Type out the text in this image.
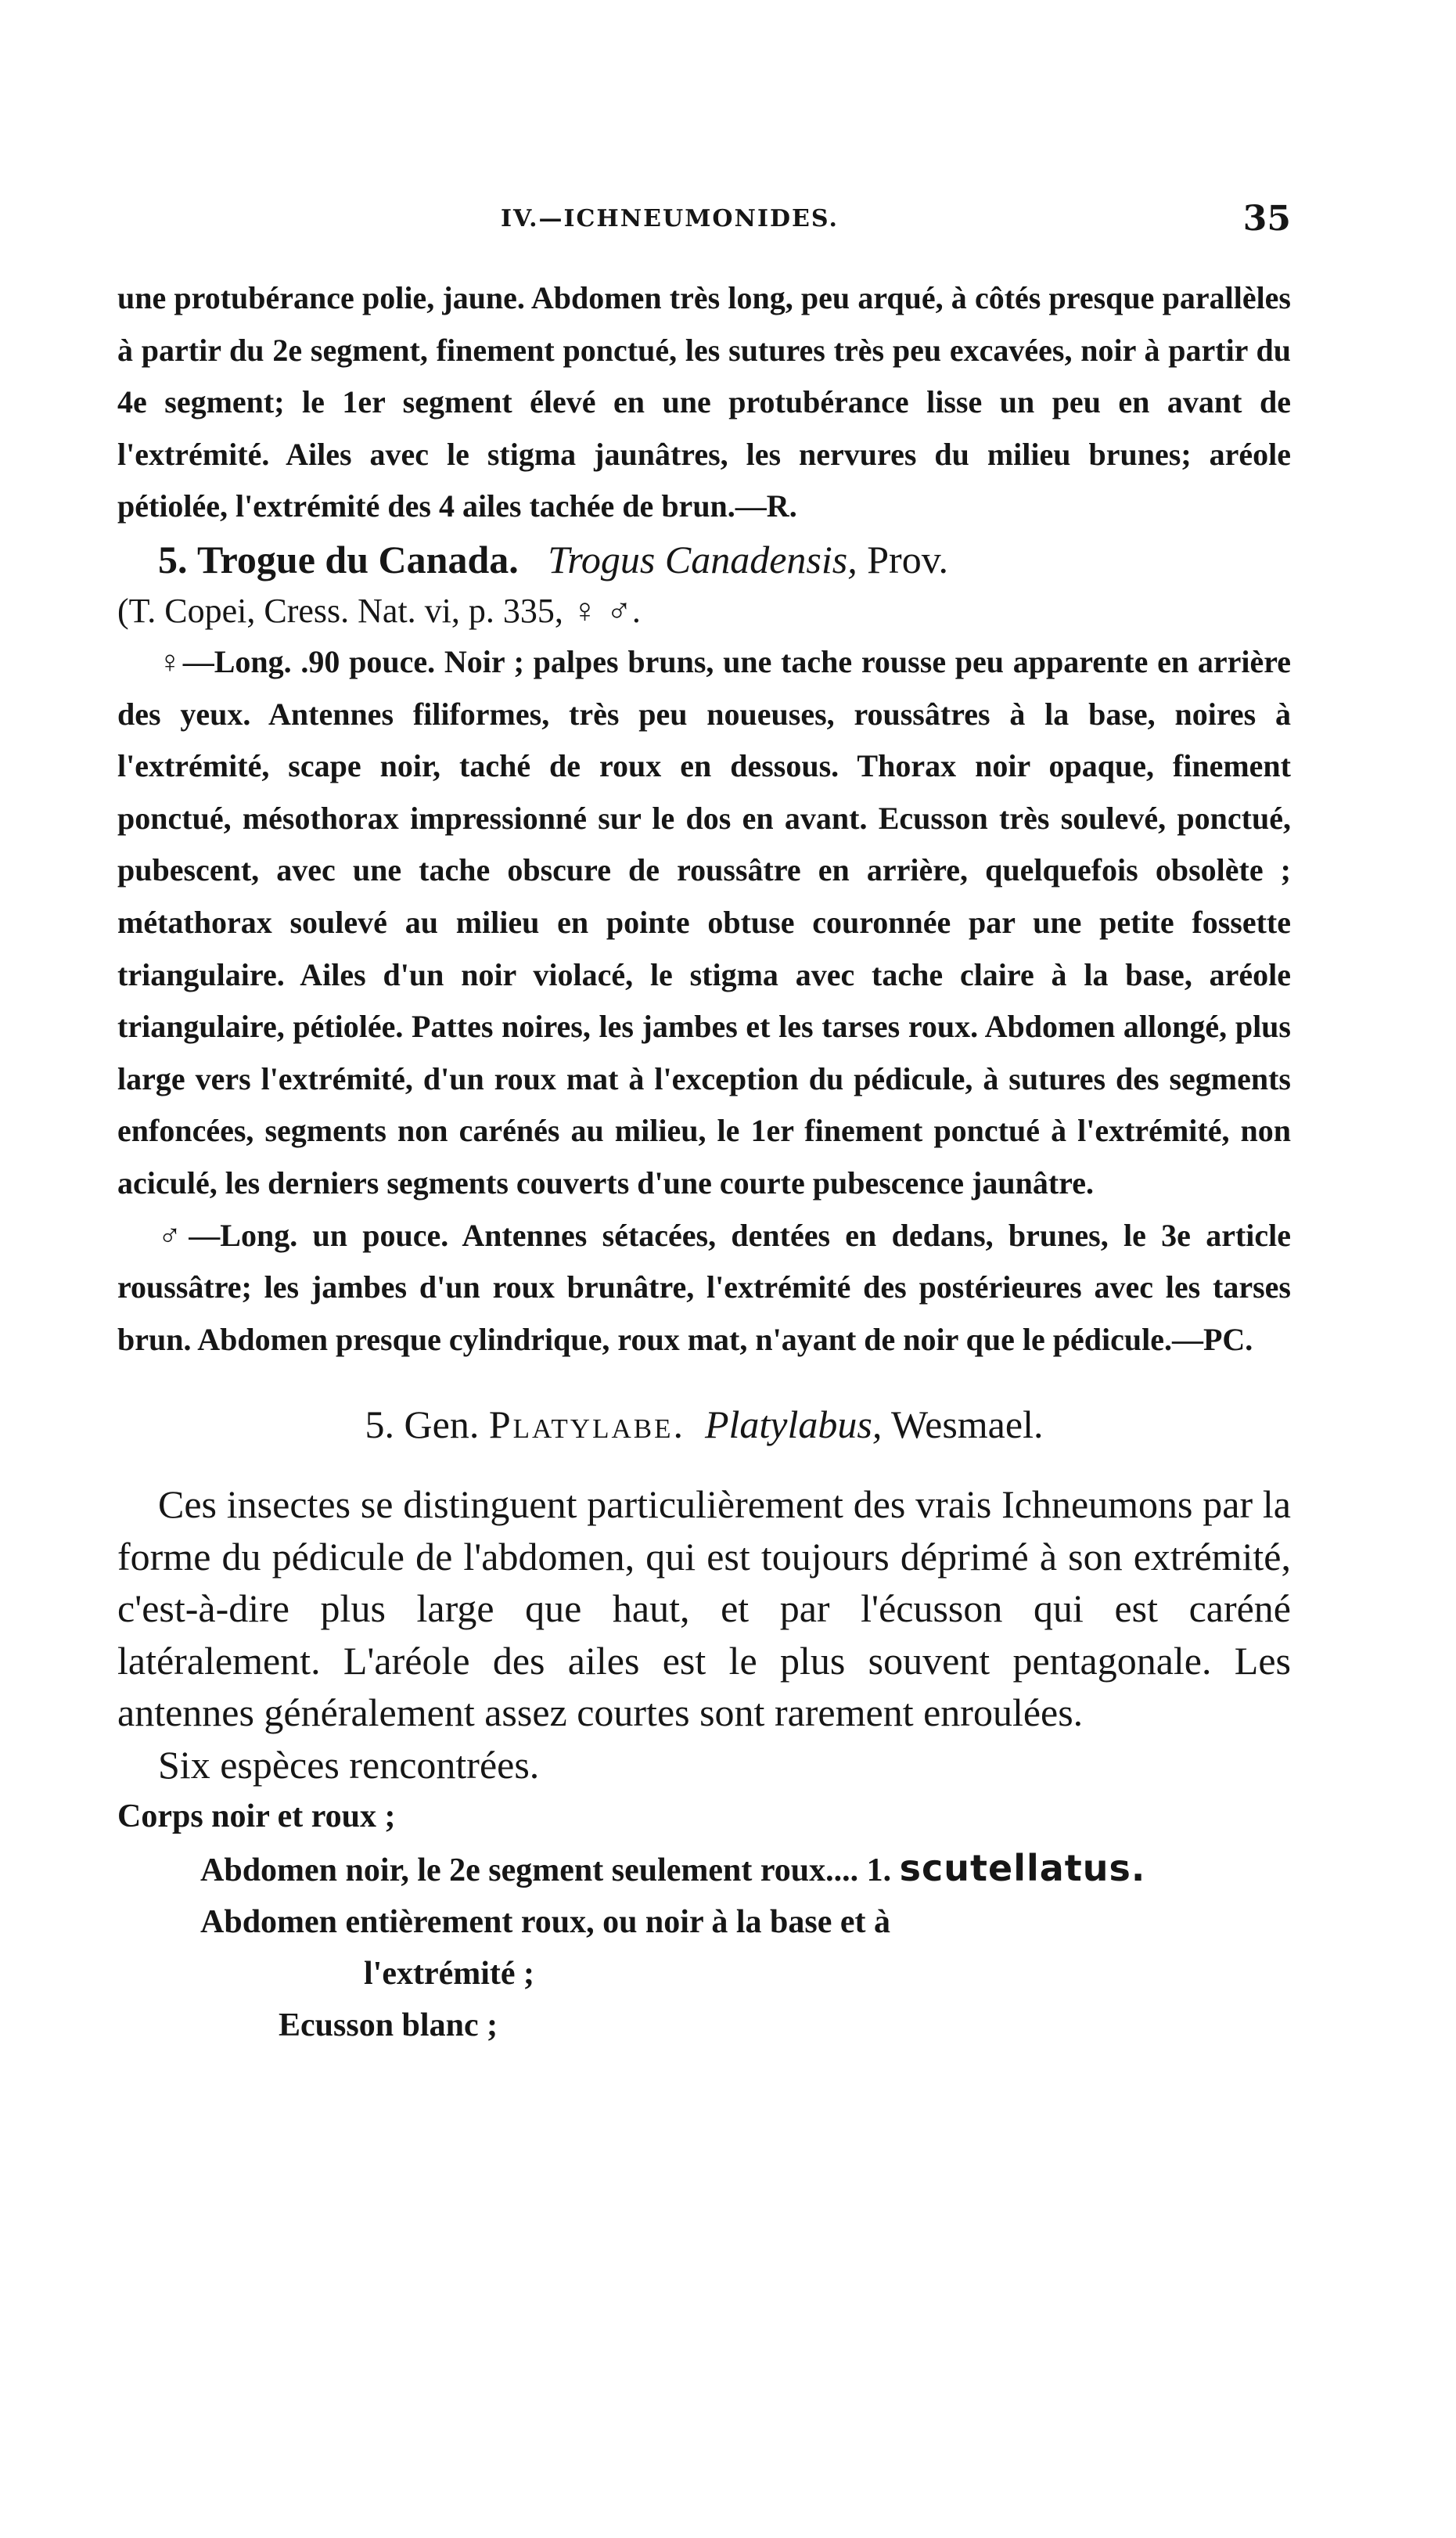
IV.—ICHNEUMONIDES.	35

une protubérance polie, jaune. Abdomen très long, peu arqué, à côtés presque parallèles à partir du 2e segment, finement ponctué, les sutures très peu excavées, noir à partir du 4e segment; le 1er segment élevé en une protubérance lisse un peu en avant de l'extrémité. Ailes avec le stigma jaunâtres, les nervures du milieu brunes; aréole pétiolée, l'extrémité des 4 ailes tachée de brun.—R.

5. Trogue du Canada. Trogus Canadensis, Prov.

(T. Copei, Cress. Nat. vi, p. 335, ♀ ♂.

♀—Long. .90 pouce. Noir ; palpes bruns, une tache rousse peu apparente en arrière des yeux. Antennes filiformes, très peu noueuses, roussâtres à la base, noires à l'extrémité, scape noir, taché de roux en dessous. Thorax noir opaque, finement ponctué, mésothorax impressionné sur le dos en avant. Ecusson très soulevé, ponctué, pubescent, avec une tache obscure de roussâtre en arrière, quelquefois obsolète ; métathorax soulevé au milieu en pointe obtuse couronnée par une petite fossette triangulaire. Ailes d'un noir violacé, le stigma avec tache claire à la base, aréole triangulaire, pétiolée. Pattes noires, les jambes et les tarses roux. Abdomen allongé, plus large vers l'extrémité, d'un roux mat à l'exception du pédicule, à sutures des segments enfoncées, segments non carénés au milieu, le 1er finement ponctué à l'extrémité, non aciculé, les derniers segments couverts d'une courte pubescence jaunâtre.

♂—Long. un pouce. Antennes sétacées, dentées en dedans, brunes, le 3e article roussâtre; les jambes d'un roux brunâtre, l'extrémité des postérieures avec les tarses brun. Abdomen presque cylindrique, roux mat, n'ayant de noir que le pédicule.—PC.

5. Gen. Platylabe. Platylabus, Wesmael.

Ces insectes se distinguent particulièrement des vrais Ichneumons par la forme du pédicule de l'abdomen, qui est toujours déprimé à son extrémité, c'est-à-dire plus large que haut, et par l'écusson qui est caréné latéralement. L'aréole des ailes est le plus souvent pentagonale. Les antennes généralement assez courtes sont rarement enroulées.

Six espèces rencontrées.

Corps noir et roux ;

Abdomen noir, le 2e segment seulement roux.... 1. scutellatus.

Abdomen entièrement roux, ou noir à la base et à

l'extrémité ;

Ecusson blanc ;
